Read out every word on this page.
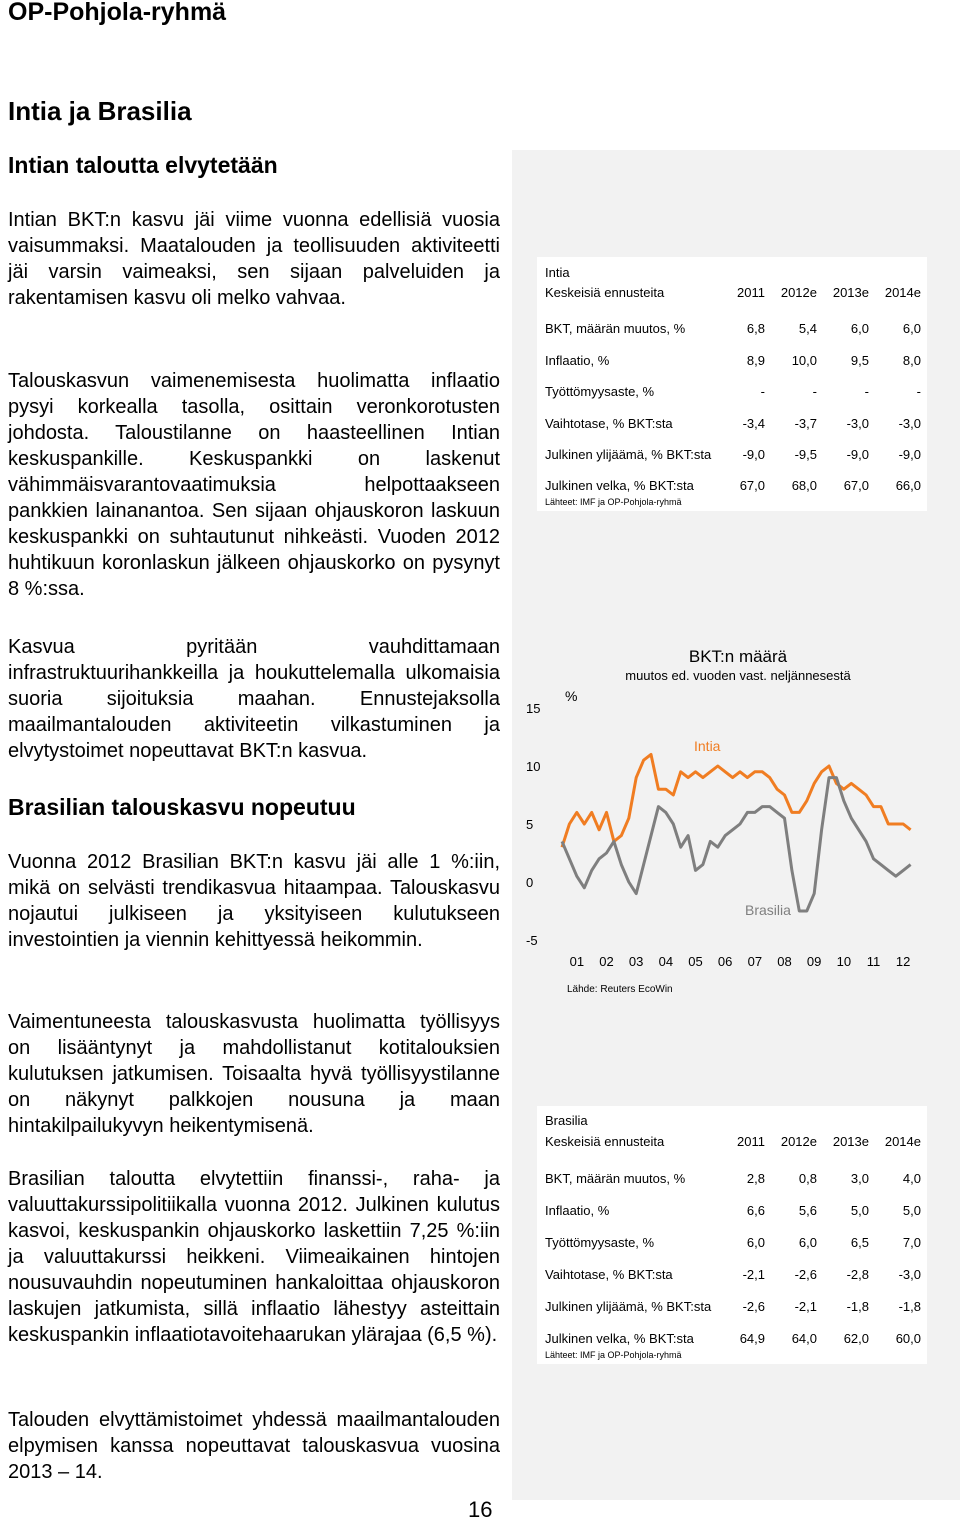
OP-Pohjola-ryhmä
Intia ja Brasilia
Intian taloutta elvytetään

Intian BKT:n kasvu jäi viime vuonna edellisiä vuosia vaisummaksi. Maatalouden ja teollisuuden aktiviteetti jäi varsin vaimeaksi, sen sijaan palveluiden ja rakentamisen kasvu oli melko vahvaa.

Talouskasvun vaimenemisesta huolimatta inflaatio pysyi korkealla tasolla, osittain veronkorotusten johdosta. Taloustilanne on haasteellinen Intian keskuspankille. Keskuspankki on laskenut vähimmäisvarantovaatimuksia helpottaakseen pankkien lainanantoa. Sen sijaan ohjauskoron laskuun keskuspankki on suhtautunut nihkeästi. Vuoden 2012 huhtikuun koronlaskun jälkeen ohjauskorko on pysynyt 8 %:ssa.

Kasvua pyritään vauhdittamaan infrastruktuurihankkeilla ja houkuttelemalla ulkomaisia suoria sijoituksia maahan. Ennustejaksolla maailmantalouden aktiviteetin vilkastuminen ja elvytystoimet nopeuttavat BKT:n kasvua.

Brasilian talouskasvu nopeutuu

Vuonna 2012 Brasilian BKT:n kasvu jäi alle 1 %:iin, mikä on selvästi trendikasvua hitaampaa. Talouskasvu nojautui julkiseen ja yksityiseen kulutukseen investointien ja viennin kehittyessä heikommin.

Vaimentuneesta talouskasvusta huolimatta työllisyys on lisääntynyt ja mahdollistanut kotitalouksien kulutuksen jatkumisen. Toisaalta hyvä työllisyystilanne on näkynyt palkkojen nousuna ja maan hintakilpailukyvyn heikentymisenä.

Brasilian taloutta elvytettiin finanssi-, raha- ja valuuttakurssipolitiikalla vuonna 2012. Julkinen kulutus kasvoi, keskuspankin ohjauskorko laskettiin 7,25 %:iin ja valuuttakurssi heikkeni. Viimeaikainen hintojen nousuvauhdin nopeutuminen hankaloittaa ohjauskoron laskujen jatkumista, sillä inflaatio lähestyy asteittain keskuspankin inflaatiotavoitehaarukan ylärajaa (6,5 %).

Talouden elvyttämistoimet yhdessä maailmantalouden elpymisen kanssa nopeuttavat talouskasvua vuosina 2013 – 14.

Intia
Keskeisiä ennusteita	2011	2012e	2013e	2014e
BKT, määrän muutos, %	6,8	5,4	6,0	6,0
Inflaatio, %	8,9	10,0	9,5	8,0
Työttömyysaste, %	-	-	-	-
Vaihtotase, % BKT:sta	-3,4	-3,7	-3,0	-3,0
Julkinen ylijäämä, % BKT:sta	-9,0	-9,5	-9,0	-9,0
Julkinen velka, % BKT:sta	67,0	68,0	67,0	66,0
Lähteet: IMF ja OP-Pohjola-ryhmä
BKT:n määrä
muutos ed. vuoden vast. neljännesestä
%
Intia
Brasilia
Lähde: Reuters EcoWin
15
10
5
0
-5
01 02 03 04 05 06 07 08 09 10 11 12
Brasilia
Keskeisiä ennusteita	2011	2012e	2013e	2014e
BKT, määrän muutos, %	2,8	0,8	3,0	4,0
Inflaatio, %	6,6	5,6	5,0	5,0
Työttömyysaste, %	6,0	6,0	6,5	7,0
Vaihtotase, % BKT:sta	-2,1	-2,6	-2,8	-3,0
Julkinen ylijäämä, % BKT:sta	-2,6	-2,1	-1,8	-1,8
Julkinen velka, % BKT:sta	64,9	64,0	62,0	60,0
Lähteet: IMF ja OP-Pohjola-ryhmä
16
